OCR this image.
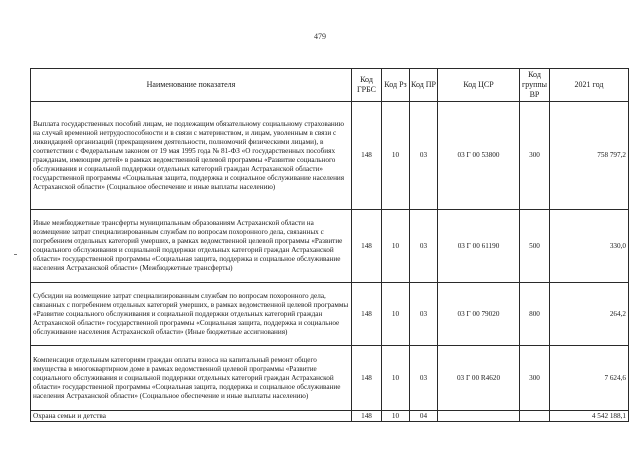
479
Наименование показателя	Код ГРБС	Код Рз	Код ПР	Код ЦСР	Код группы ВР	2021 год
Выплата государственных пособий лицам, не подлежащим обязательному социальному страхованию на случай временной нетрудоспособности и в связи с материнством, и лицам, уволенным в связи с ликвидацией организаций (прекращением деятельности, полномочий физическими лицами), в соответствии с Федеральным законом от 19 мая 1995 года № 81-ФЗ «О государственных пособиях гражданам, имеющим детей» в рамках ведомственной целевой программы «Развитие социального обслуживания и социальной поддержки отдельных категорий граждан Астраханской области» государственной программы «Социальная защита, поддержка и социальное обслуживание населения Астраханской области» (Социальное обеспечение и иные выплаты населению)	148	10	03	03 Г 00 53800	300	758 797,2
Иные межбюджетные трансферты муниципальным образованиям Астраханской области на возмещение затрат специализированным службам по вопросам похоронного дела, связанных с погребением отдельных категорий умерших, в рамках ведомственной целевой программы «Развитие социального обслуживания и социальной поддержки отдельных категорий граждан Астраханской области» государственной программы «Социальная защита, поддержка и социальное обслуживание населения Астраханской области» (Межбюджетные трансферты)	148	10	03	03 Г 00 61190	500	330,0
Субсидии на возмещение затрат специализированным службам по вопросам похоронного дела, связанных с погребением отдельных категорий умерших, в рамках ведомственной целевой программы «Развитие социального обслуживания и социальной поддержки отдельных категорий граждан Астраханской области» государственной программы «Социальная защита, поддержка и социальное обслуживание населения Астраханской области» (Иные бюджетные ассигнования)	148	10	03	03 Г 00 79020	800	264,2
Компенсация отдельным категориям граждан оплаты взноса на капитальный ремонт общего имущества в многоквартирном доме в рамках ведомственной целевой программы «Развитие социального обслуживания и социальной поддержки отдельных категорий граждан Астраханской области» государственной программы «Социальная защита, поддержка и социальное обслуживание населения Астраханской области» (Социальное обеспечение и иные выплаты населению)	148	10	03	03 Г 00 R4620	300	7 624,6
Охрана семьи и детства	148	10	04			4 542 188,1
